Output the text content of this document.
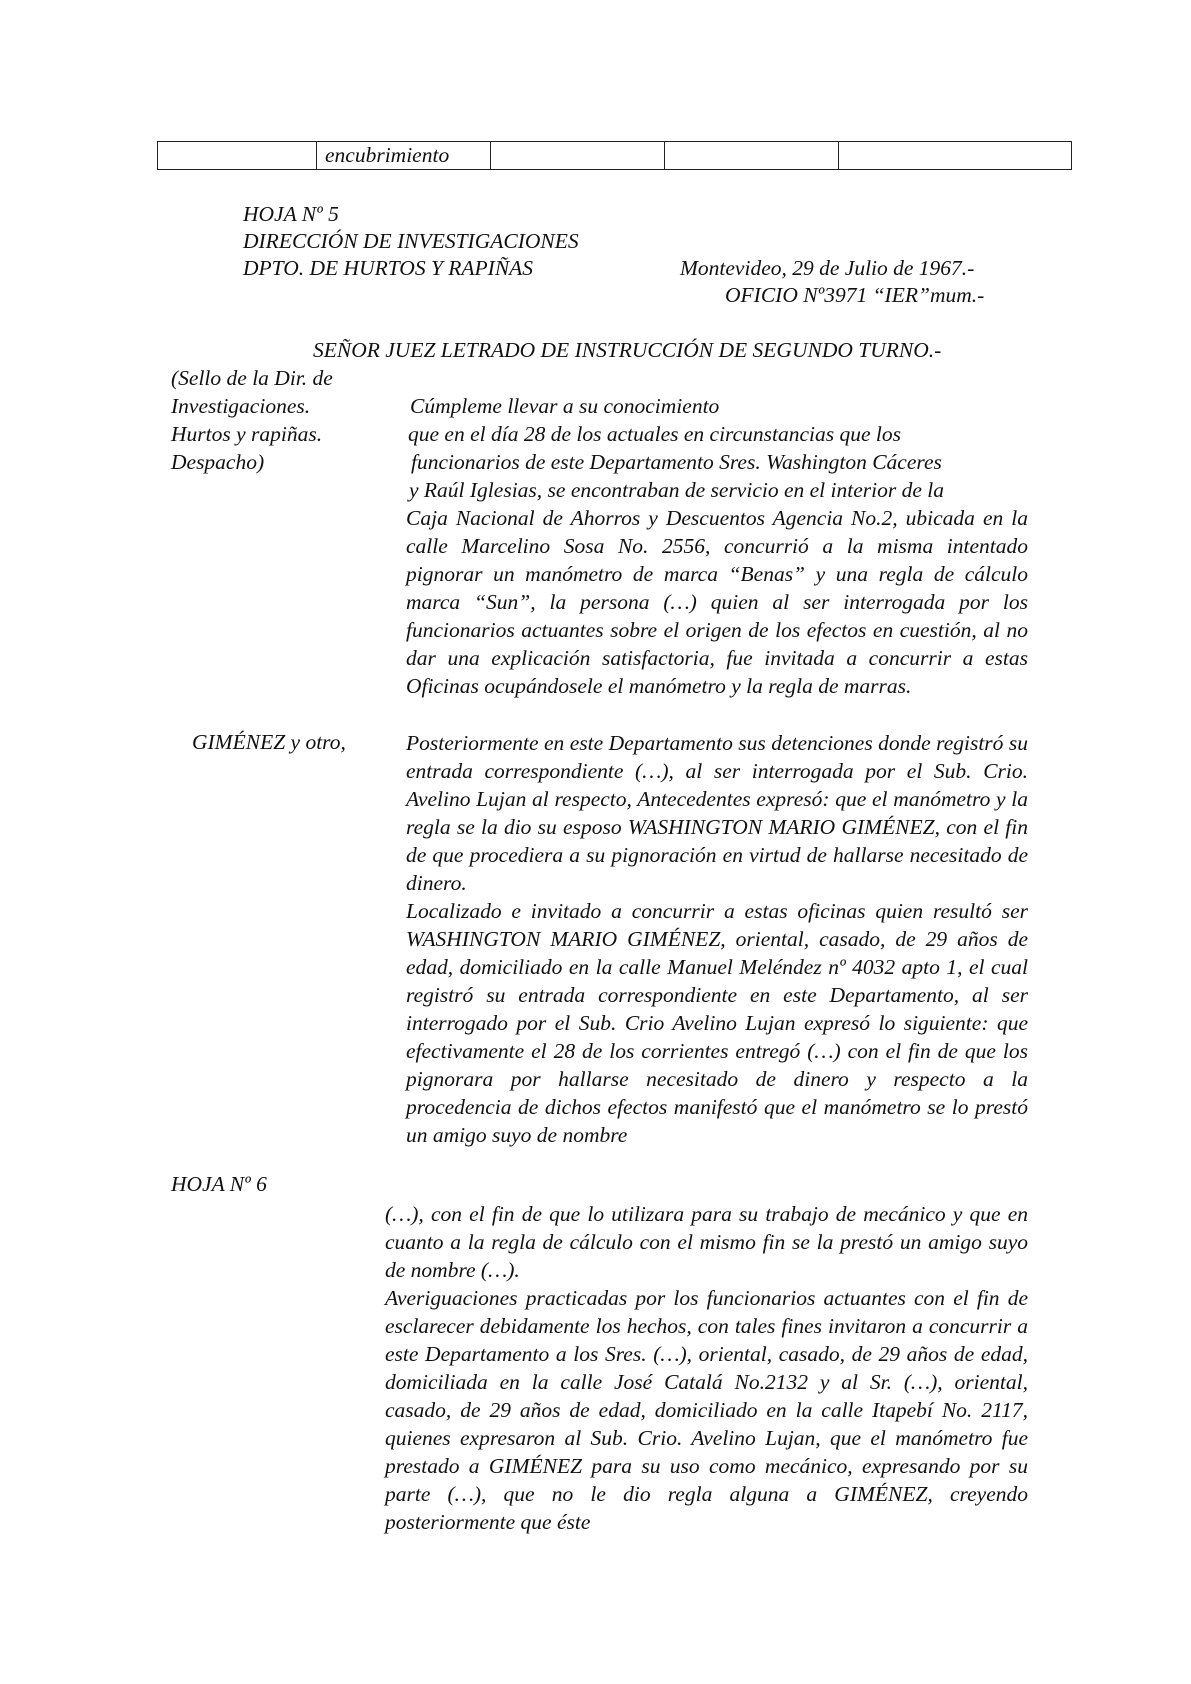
	encubrimiento			
HOJA Nº 5
DIRECCIÓN DE INVESTIGACIONES
DPTO. DE HURTOS Y RAPIÑAS	Montevideo, 29 de Julio de 1967.-
OFICIO Nº3971 “IER”mum.-
SEÑOR JUEZ LETRADO DE INSTRUCCIÓN DE SEGUNDO TURNO.-
(Sello de la Dir. de
Investigaciones.
Hurtos y rapiñas.
Despacho)
Cúmpleme llevar a su conocimiento
que en el día 28 de los actuales en circunstancias que los
funcionarios de este Departamento Sres. Washington Cáceres
y Raúl Iglesias, se encontraban de servicio en el interior de la

Caja Nacional de Ahorros y Descuentos Agencia No.2, ubicada en la calle Marcelino Sosa No. 2556, concurrió a la misma intentado pignorar un manómetro de marca “Benas” y una regla de cálculo marca “Sun”, la persona (…) quien al ser interrogada por los funcionarios actuantes sobre el origen de los efectos en cuestión, al no dar una explicación satisfactoria, fue invitada a concurrir a estas Oficinas ocupándosele el manómetro y la regla de marras.

GIMÉNEZ y otro,	Posteriormente en este Departamento sus detenciones donde registró su entrada correspondiente (…), al ser interrogada por el Sub. Crio. Avelino Lujan al respecto, Antecedentes expresó: que el manómetro y la regla se la dio su esposo WASHINGTON MARIO GIMÉNEZ, con el fin de que procediera a su pignoración en virtud de hallarse necesitado de dinero.

Localizado e invitado a concurrir a estas oficinas quien resultó ser WASHINGTON MARIO GIMÉNEZ, oriental, casado, de 29 años de edad, domiciliado en la calle Manuel Meléndez nº 4032 apto 1, el cual registró su entrada correspondiente en este Departamento, al ser interrogado por el Sub. Crio Avelino Lujan expresó lo siguiente: que efectivamente el 28 de los corrientes entregó (…) con el fin de que los pignorara por hallarse necesitado de dinero y respecto a la procedencia de dichos efectos manifestó que el manómetro se lo prestó un amigo suyo de nombre

HOJA Nº 6

(…), con el fin de que lo utilizara para su trabajo de mecánico y que en cuanto a la regla de cálculo con el mismo fin se la prestó un amigo suyo de nombre (…).

Averiguaciones practicadas por los funcionarios actuantes con el fin de esclarecer debidamente los hechos, con tales fines invitaron a concurrir a este Departamento a los Sres. (…), oriental, casado, de 29 años de edad, domiciliada en la calle José Catalá No.2132 y al Sr. (…), oriental, casado, de 29 años de edad, domiciliado en la calle Itapebí No. 2117, quienes expresaron al Sub. Crio. Avelino Lujan, que el manómetro fue prestado a GIMÉNEZ para su uso como mecánico, expresando por su parte (…), que no le dio regla alguna a GIMÉNEZ, creyendo posteriormente que éste
